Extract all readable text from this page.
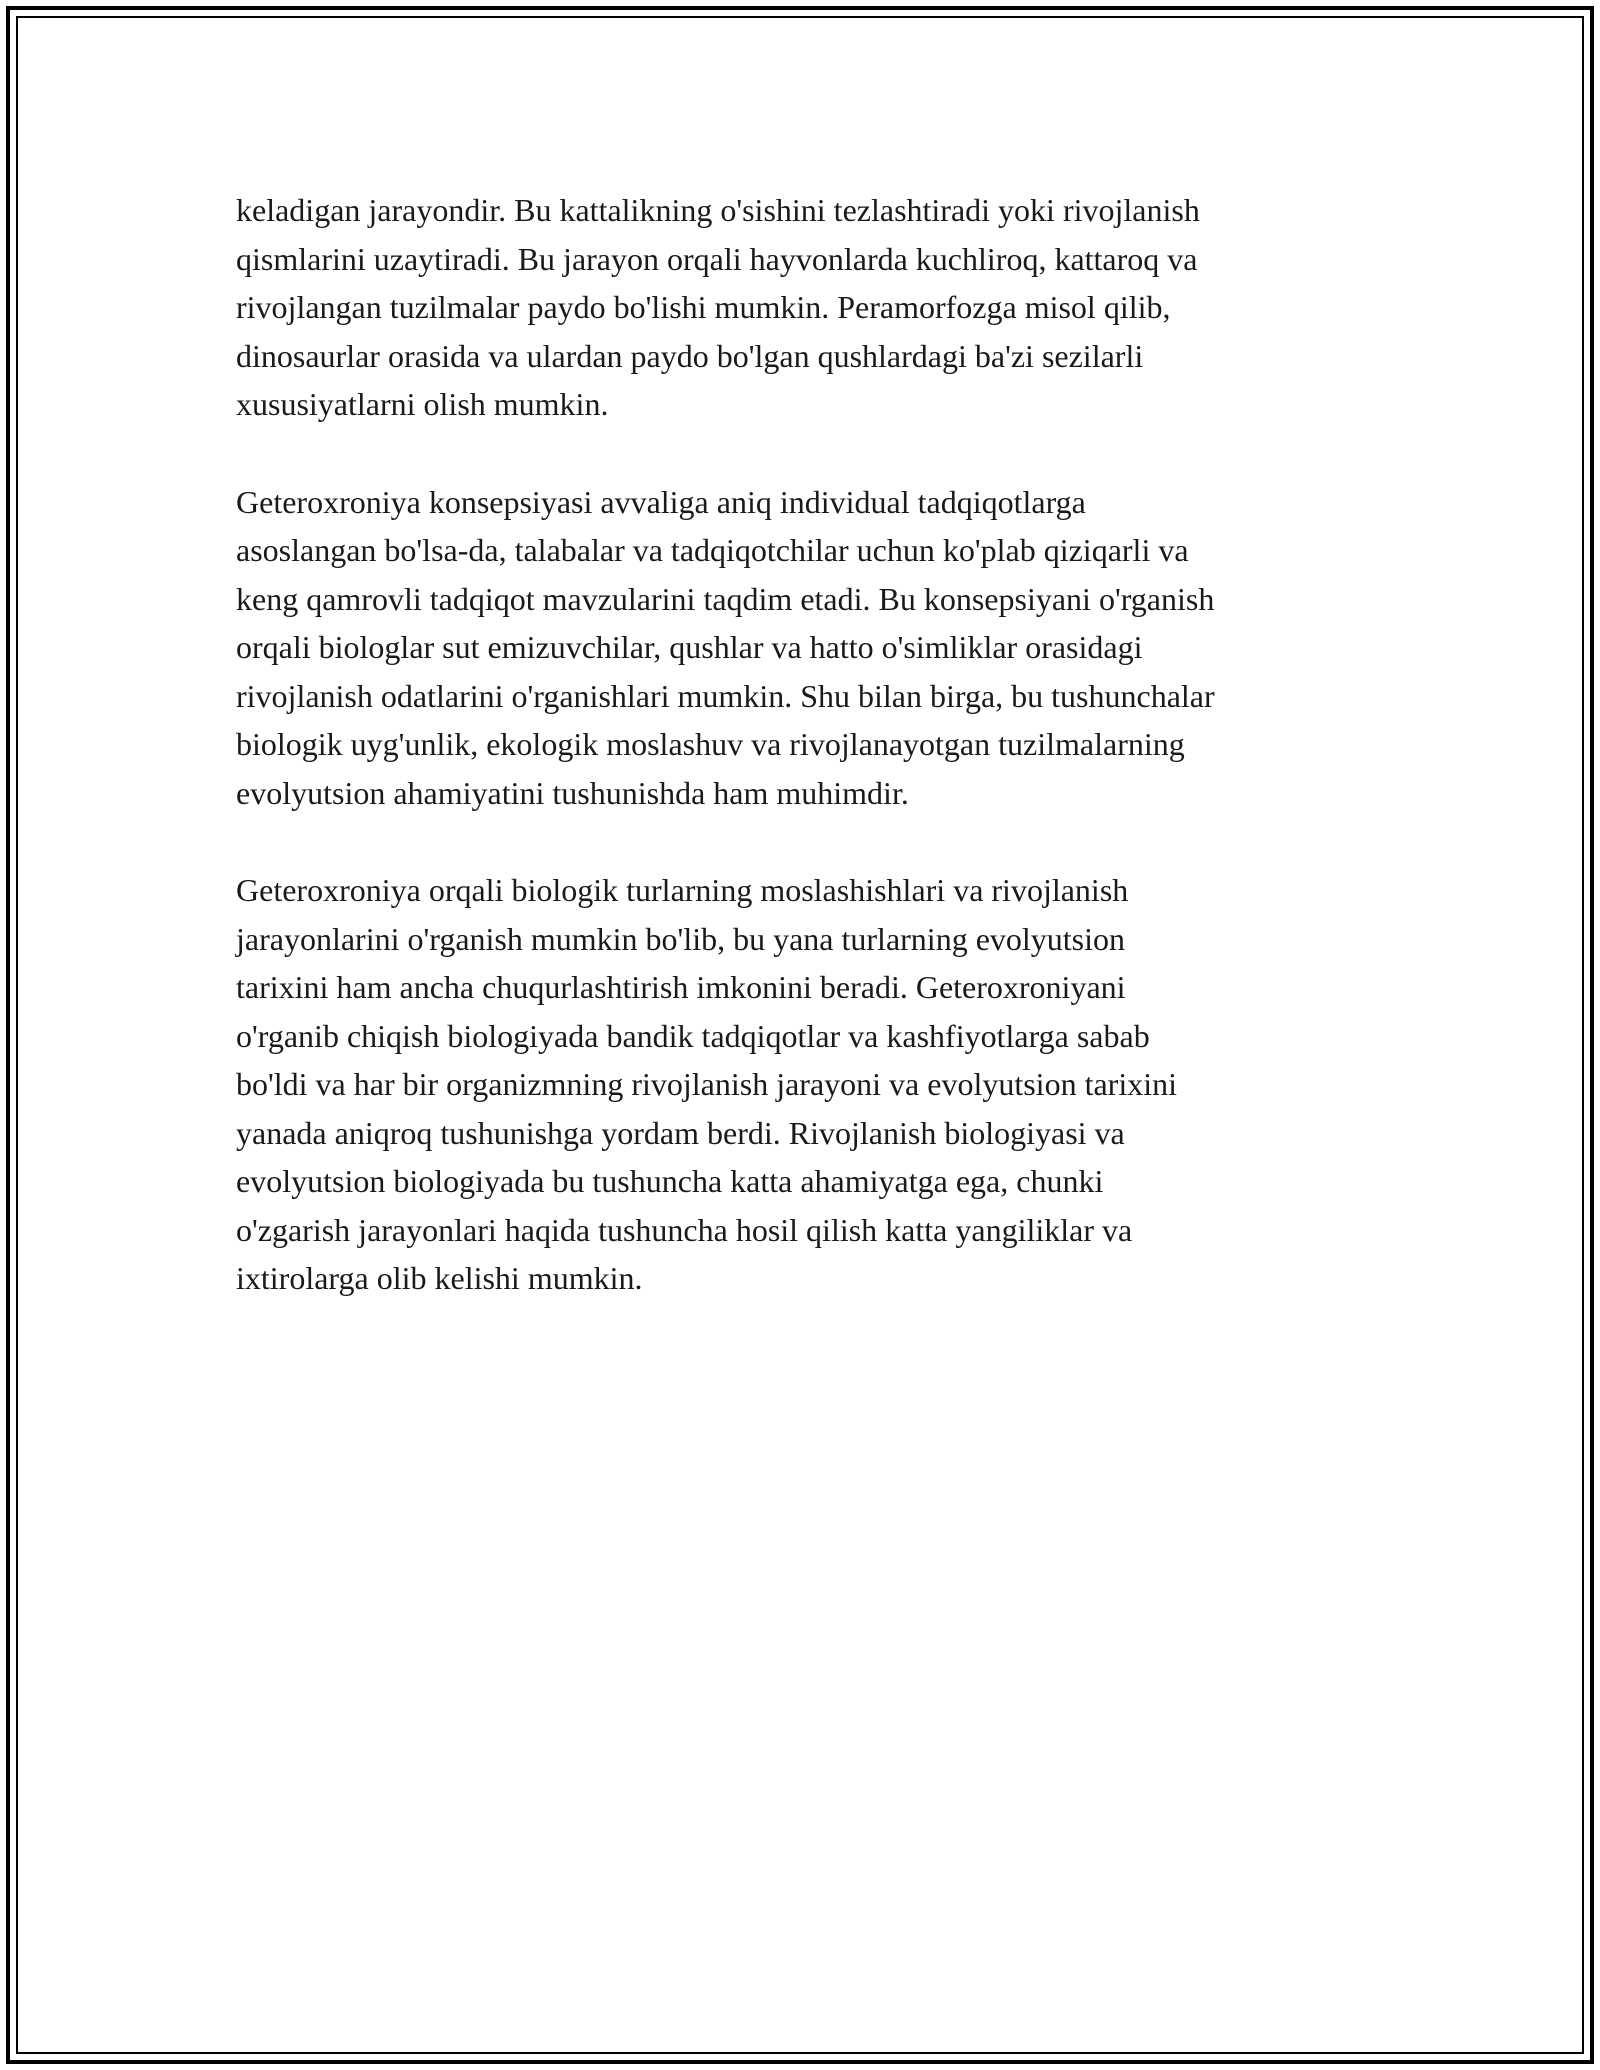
keladigan jarayondir. Bu kattalikning o'sishini tezlashtiradi yoki rivojlanish
qismlarini uzaytiradi. Bu jarayon orqali hayvonlarda kuchliroq, kattaroq va
rivojlangan tuzilmalar paydo bo'lishi mumkin. Peramorfozga misol qilib,
dinosaurlar orasida va ulardan paydo bo'lgan qushlardagi ba'zi sezilarli
xususiyatlarni olish mumkin.

Geteroxroniya konsepsiyasi avvaliga aniq individual tadqiqotlarga
asoslangan bo'lsa-da, talabalar va tadqiqotchilar uchun ko'plab qiziqarli va
keng qamrovli tadqiqot mavzularini taqdim etadi. Bu konsepsiyani o'rganish
orqali biologlar sut emizuvchilar, qushlar va hatto o'simliklar orasidagi
rivojlanish odatlarini o'rganishlari mumkin. Shu bilan birga, bu tushunchalar
biologik uyg'unlik, ekologik moslashuv va rivojlanayotgan tuzilmalarning
evolyutsion ahamiyatini tushunishda ham muhimdir.

Geteroxroniya orqali biologik turlarning moslashishlari va rivojlanish
jarayonlarini o'rganish mumkin bo'lib, bu yana turlarning evolyutsion
tarixini ham ancha chuqurlashtirish imkonini beradi. Geteroxroniyani
o'rganib chiqish biologiyada bandik tadqiqotlar va kashfiyotlarga sabab
bo'ldi va har bir organizmning rivojlanish jarayoni va evolyutsion tarixini
yanada aniqroq tushunishga yordam berdi. Rivojlanish biologiyasi va
evolyutsion biologiyada bu tushuncha katta ahamiyatga ega, chunki
o'zgarish jarayonlari haqida tushuncha hosil qilish katta yangiliklar va
ixtirolarga olib kelishi mumkin.
